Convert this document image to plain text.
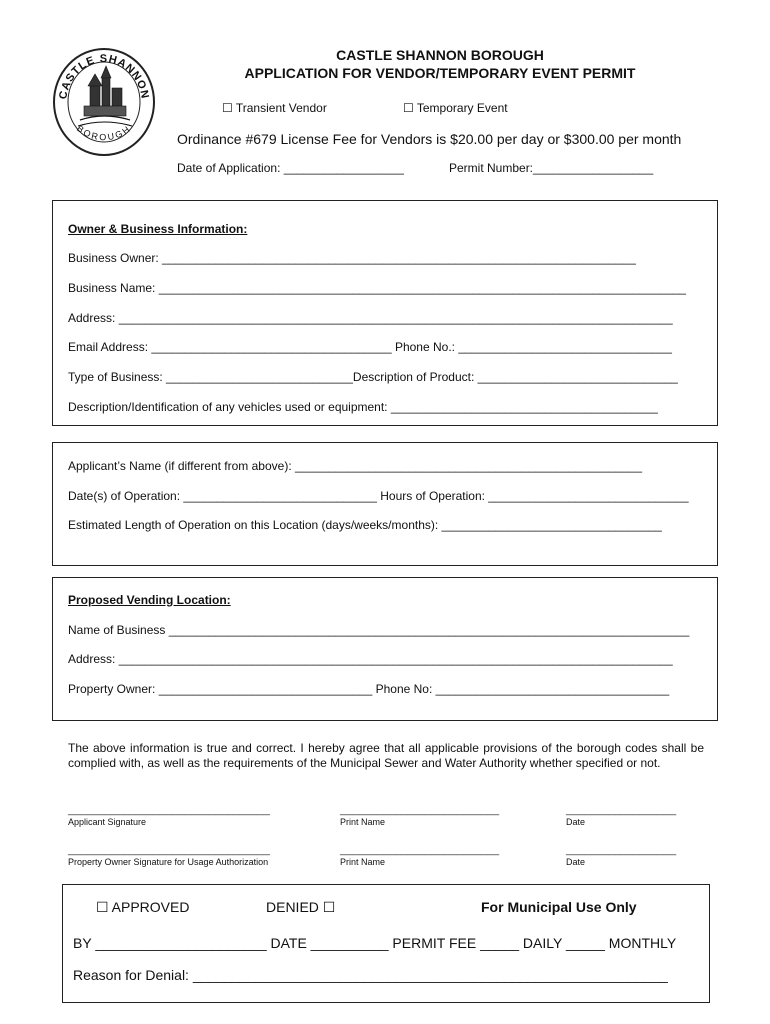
CASTLE SHANNON
BOROUGH
CASTLE SHANNON BOROUGH
APPLICATION FOR VENDOR/TEMPORARY EVENT PERMIT
☐ Transient Vendor	☐ Temporary Event
Ordinance #679 License Fee for Vendors is $20.00 per day or $300.00 per month
Date of Application: __________________	Permit Number:__________________
Owner & Business Information:
Business Owner: _______________________________________________________________________
Business Name: _______________________________________________________________________________
Address: ___________________________________________________________________________________
Email Address: ____________________________________ Phone No.: ________________________________
Type of Business: ____________________________Description of Product: ______________________________
Description/Identification of any vehicles used or equipment: ________________________________________
Applicant’s Name (if different from above): ____________________________________________________
Date(s) of Operation: _____________________________ Hours of Operation: ______________________________
Estimated Length of Operation on this Location (days/weeks/months): _________________________________
Proposed Vending Location:
Name of Business ______________________________________________________________________________
Address: ___________________________________________________________________________________
Property Owner: ________________________________ Phone No: ___________________________________
The above information is true and correct. I hereby agree that all applicable provisions of the borough codes shall be complied with, as well as the requirements of the Municipal Sewer and Water Authority whether specified or not.
_________________________________	__________________________	__________________
Applicant Signature	Print Name	Date
_________________________________	__________________________	__________________
Property Owner Signature for Usage Authorization	Print Name	Date
☐ APPROVED	DENIED ☐	For Municipal Use Only
BY ______________________ DATE __________ PERMIT FEE _____ DAILY _____ MONTHLY
Reason for Denial: _____________________________________________________________
